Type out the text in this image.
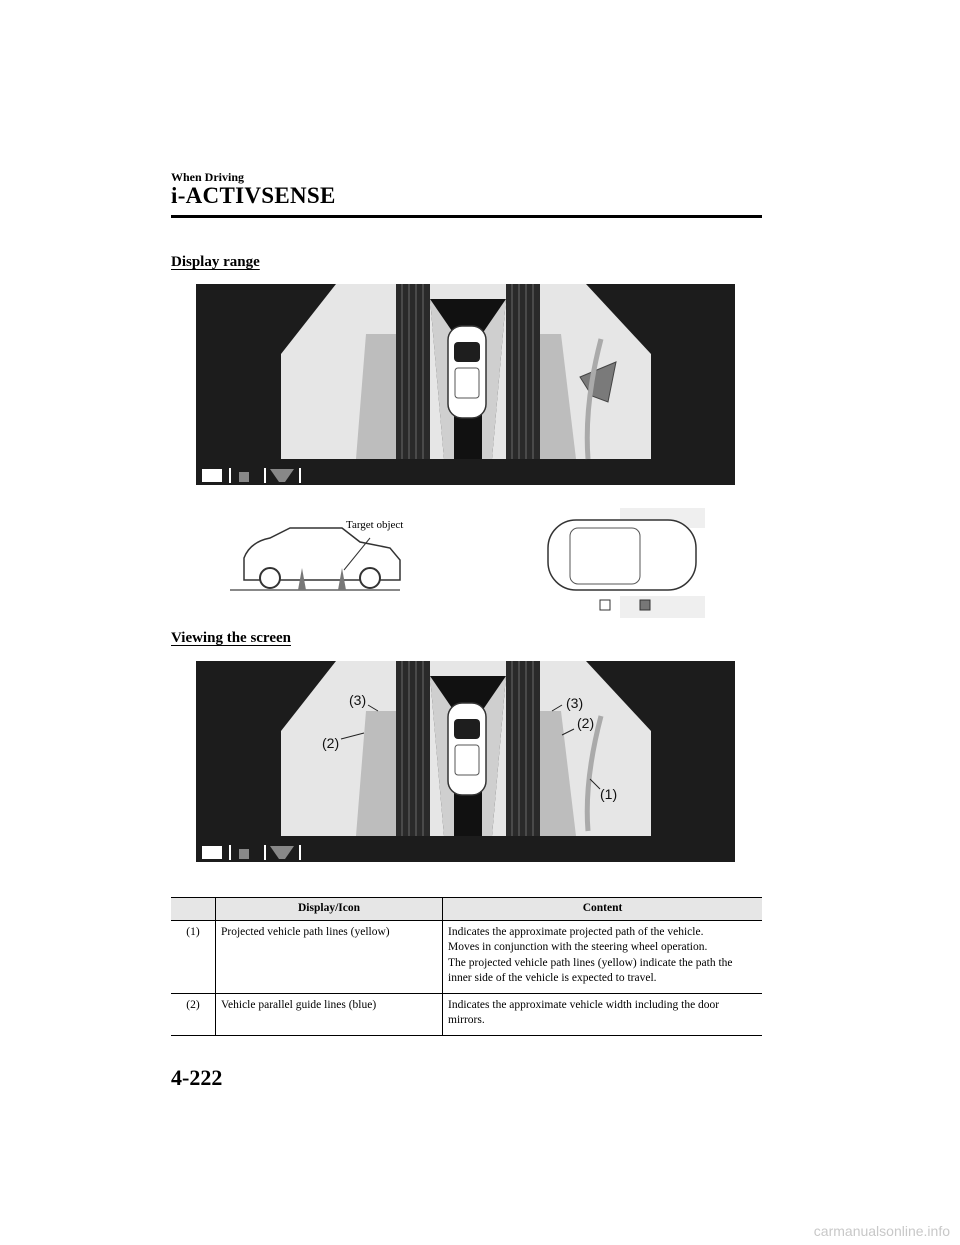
When Driving
i-ACTIVSENSE
Display range
Target object
Viewing the screen
(3)	(3)
(2)
(2)
(1)
	Display/Icon	Content
(1)	Projected vehicle path lines (yellow)	Indicates the approximate projected path of the vehicle.
Moves in conjunction with the steering wheel operation.
The projected vehicle path lines (yellow) indicate the path the inner side of the vehicle is expected to travel.

(2)	Vehicle parallel guide lines (blue)	Indicates the approximate vehicle width including the door mirrors.
4-222
carmanualsonline.info
